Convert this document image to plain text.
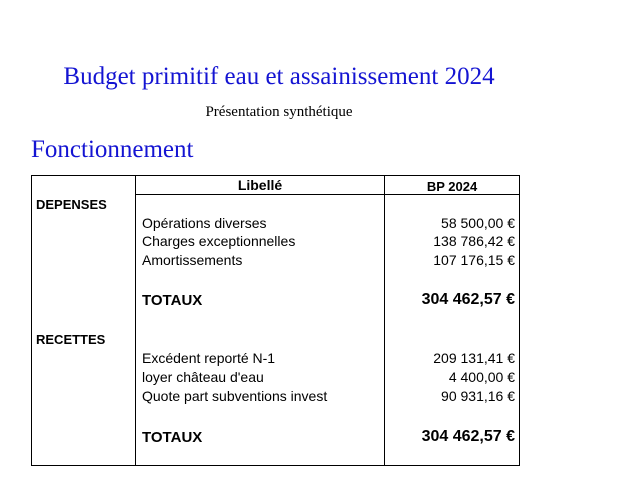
Budget primitif eau et assainissement 2024
Présentation synthétique
Fonctionnement
Libellé	BP 2024
DEPENSES
Opérations diverses	58 500,00 €
Charges exceptionnelles	138 786,42 €
Amortissements	107 176,15 €
TOTAUX	304 462,57 €
RECETTES
Excédent reporté N-1	209 131,41 €
loyer château d'eau	4 400,00 €
Quote part subventions invest	90 931,16 €
TOTAUX	304 462,57 €
